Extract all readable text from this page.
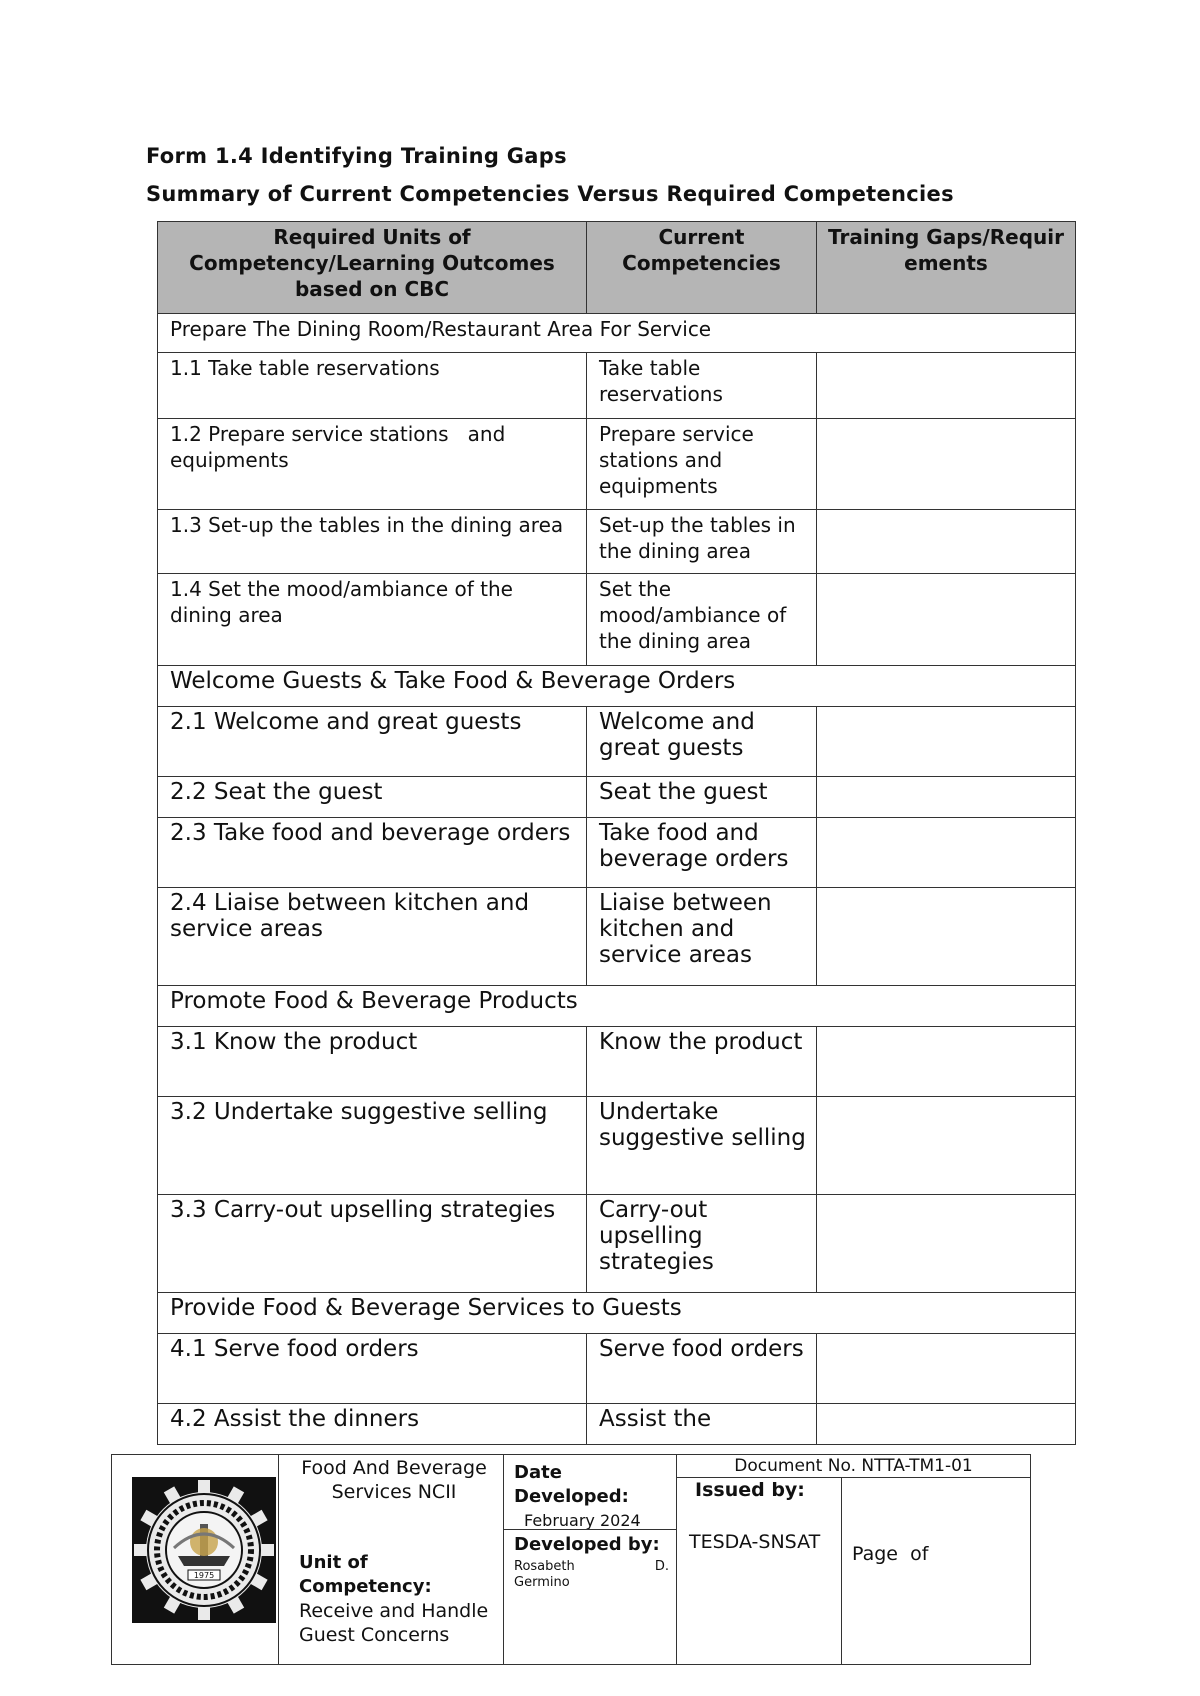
Form 1.4 Identifying Training Gaps
Summary of Current Competencies Versus Required Competencies
Required Units of Competency/Learning Outcomes based on CBC	Current Competencies	Training Gaps/Requirements
Prepare The Dining Room/Restaurant Area For Service		
1.1 Take table reservations	Take table reservations	
1.2 Prepare service stations   and equipments	Prepare service stations and equipments	
1.3 Set-up the tables in the dining area	Set-up the tables in the dining area	
1.4 Set the mood/ambiance of the dining area	Set the mood/ambiance of the dining area	
Welcome Guests & Take Food & Beverage Orders		
2.1 Welcome and great guests	Welcome and great guests	
2.2 Seat the guest	Seat the guest	
2.3 Take food and beverage orders	Take food and beverage orders	
2.4 Liaise between kitchen and service areas	Liaise between kitchen and service areas	
Promote Food & Beverage Products		
3.1 Know the product	Know the product	
3.2 Undertake suggestive selling	Undertake suggestive selling	
3.3 Carry-out upselling strategies	Carry-out upselling strategies	
Provide Food & Beverage Services to Guests		
4.1 Serve food orders	Serve food orders	
4.2 Assist the dinners	Assist the	
1975
Food And Beverage Services NCII
Unit of Competency:
Receive and Handle Guest Concerns
Date Developed:
February 2024
Developed by:
Rosabeth	D.
Germino
Document No. NTTA-TM1-01
Issued by:
TESDA-SNSAT
Page  of
